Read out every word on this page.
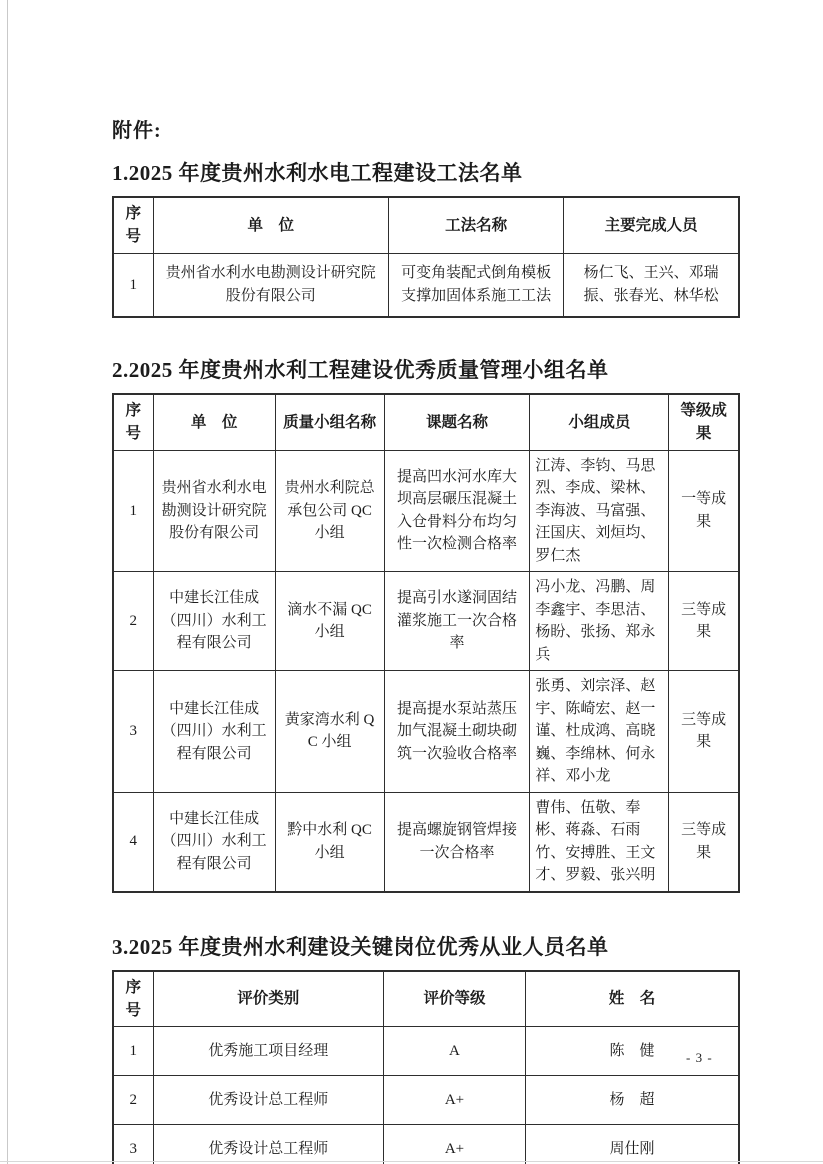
附件:
1.2025 年度贵州水利水电工程建设工法名单
序号	单　位	工法名称	主要完成人员
1	贵州省水利水电勘测设计研究院股份有限公司	可变角装配式倒角模板支撑加固体系施工工法	杨仁飞、王兴、邓瑞振、张春光、林华松
2.2025 年度贵州水利工程建设优秀质量管理小组名单
序号	单　位	质量小组名称	课题名称	小组成员	等级成果
1	贵州省水利水电勘测设计研究院股份有限公司	贵州水利院总承包公司 QC 小组	提高凹水河水库大坝高层碾压混凝土入仓骨料分布均匀性一次检测合格率	江涛、李钧、马思烈、李成、梁林、李海波、马富强、汪国庆、刘烜均、罗仁杰	一等成果
2	中建长江佳成（四川）水利工程有限公司	滴水不漏 QC 小组	提高引水遂洞固结灌浆施工一次合格率	冯小龙、冯鹏、周李鑫宇、李思洁、杨盼、张扬、郑永兵	三等成果
3	中建长江佳成（四川）水利工程有限公司	黄家湾水利 QC 小组	提高提水泵站蒸压加气混凝土砌块砌筑一次验收合格率	张勇、刘宗泽、赵宇、陈崎宏、赵一谨、杜成鸿、高晓巍、李绵林、何永祥、邓小龙	三等成果
4	中建长江佳成（四川）水利工程有限公司	黔中水利 QC 小组	提高螺旋钢管焊接一次合格率	曹伟、伍敬、奉彬、蒋淼、石雨竹、安搏胜、王文才、罗毅、张兴明	三等成果
3.2025 年度贵州水利建设关键岗位优秀从业人员名单
序号	评价类别	评价等级	姓　名
1	优秀施工项目经理	A	陈　健
2	优秀设计总工程师	A+	杨　超
3	优秀设计总工程师	A+	周仕刚
- 3 -
